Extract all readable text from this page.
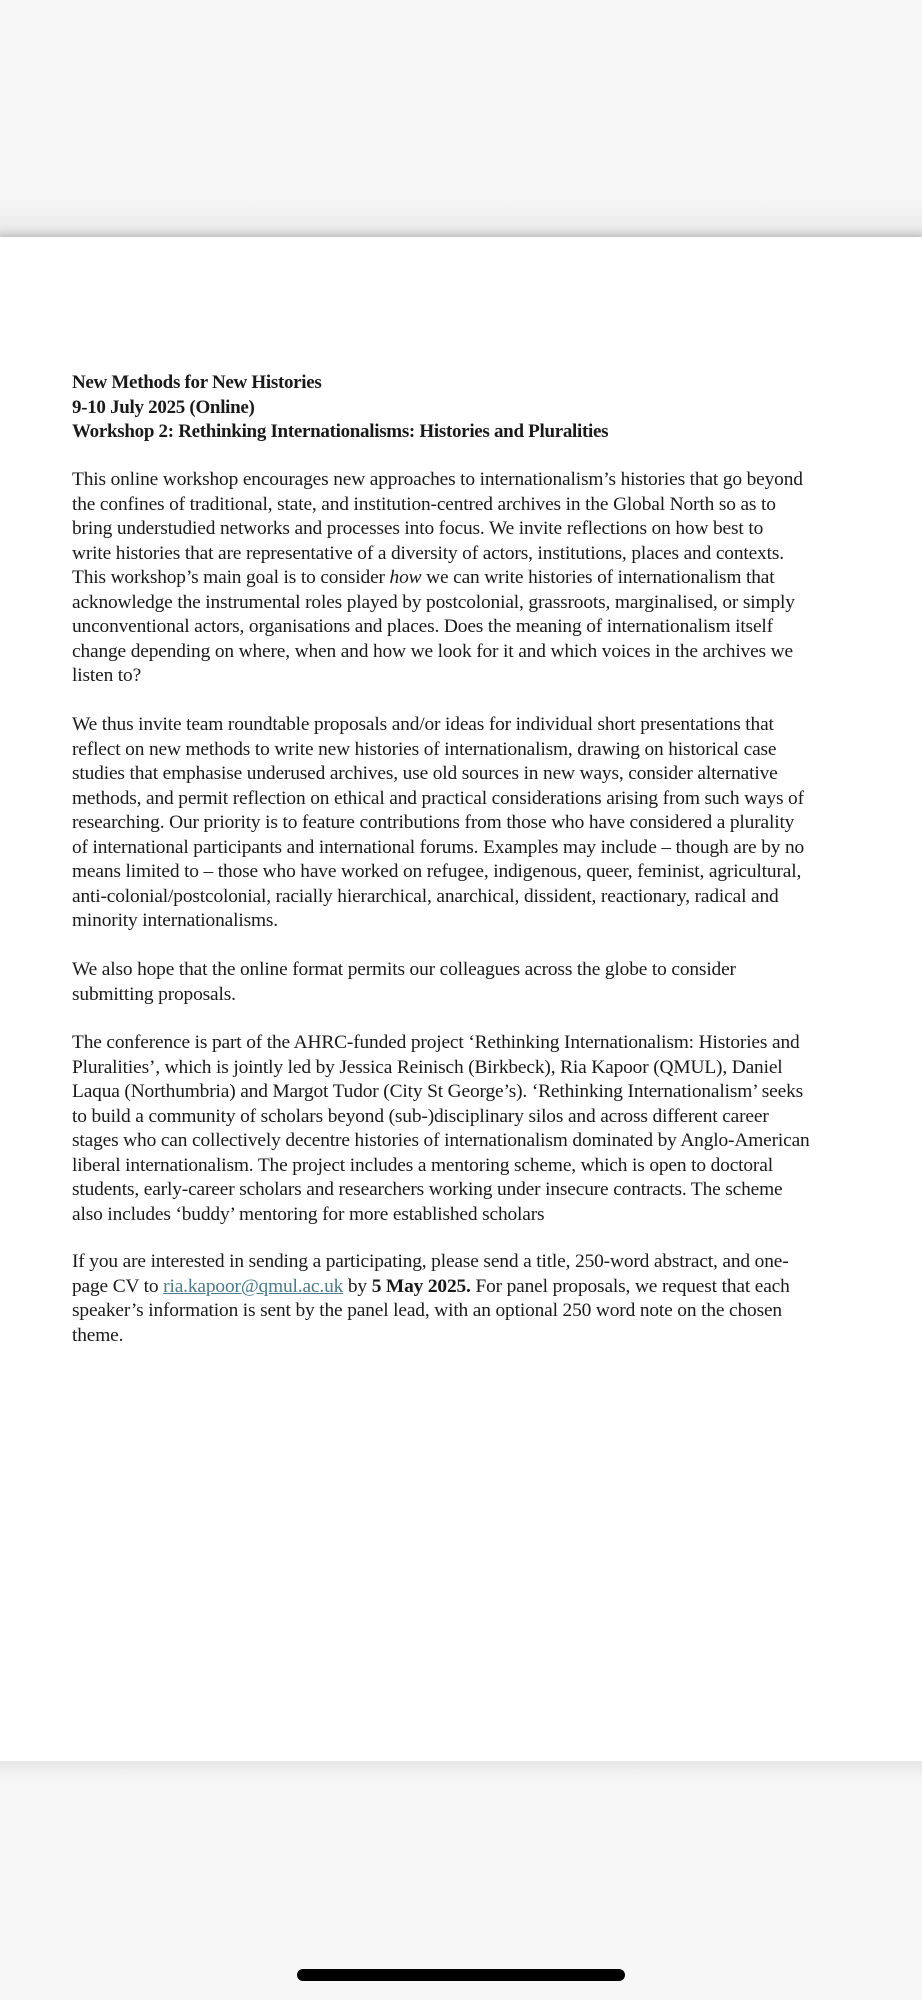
New Methods for New Histories
9-10 July 2025 (Online)
Workshop 2: Rethinking Internationalisms: Histories and Pluralities
This online workshop encourages new approaches to internationalism’s histories that go beyond
the confines of traditional, state, and institution-centred archives in the Global North so as to
bring understudied networks and processes into focus. We invite reflections on how best to
write histories that are representative of a diversity of actors, institutions, places and contexts.
This workshop’s main goal is to consider how we can write histories of internationalism that
acknowledge the instrumental roles played by postcolonial, grassroots, marginalised, or simply
unconventional actors, organisations and places. Does the meaning of internationalism itself
change depending on where, when and how we look for it and which voices in the archives we
listen to?
We thus invite team roundtable proposals and/or ideas for individual short presentations that
reflect on new methods to write new histories of internationalism, drawing on historical case
studies that emphasise underused archives, use old sources in new ways, consider alternative
methods, and permit reflection on ethical and practical considerations arising from such ways of
researching. Our priority is to feature contributions from those who have considered a plurality
of international participants and international forums. Examples may include – though are by no
means limited to – those who have worked on refugee, indigenous, queer, feminist, agricultural,
anti-colonial/postcolonial, racially hierarchical, anarchical, dissident, reactionary, radical and
minority internationalisms.
We also hope that the online format permits our colleagues across the globe to consider
submitting proposals.
The conference is part of the AHRC-funded project ‘Rethinking Internationalism: Histories and
Pluralities’, which is jointly led by Jessica Reinisch (Birkbeck), Ria Kapoor (QMUL), Daniel
Laqua (Northumbria) and Margot Tudor (City St George’s). ‘Rethinking Internationalism’ seeks
to build a community of scholars beyond (sub-)disciplinary silos and across different career
stages who can collectively decentre histories of internationalism dominated by Anglo-American
liberal internationalism. The project includes a mentoring scheme, which is open to doctoral
students, early-career scholars and researchers working under insecure contracts. The scheme
also includes ‘buddy’ mentoring for more established scholars
If you are interested in sending a participating, please send a title, 250-word abstract, and one-
page CV to ria.kapoor@qmul.ac.uk by 5 May 2025. For panel proposals, we request that each
speaker’s information is sent by the panel lead, with an optional 250 word note on the chosen
theme.
